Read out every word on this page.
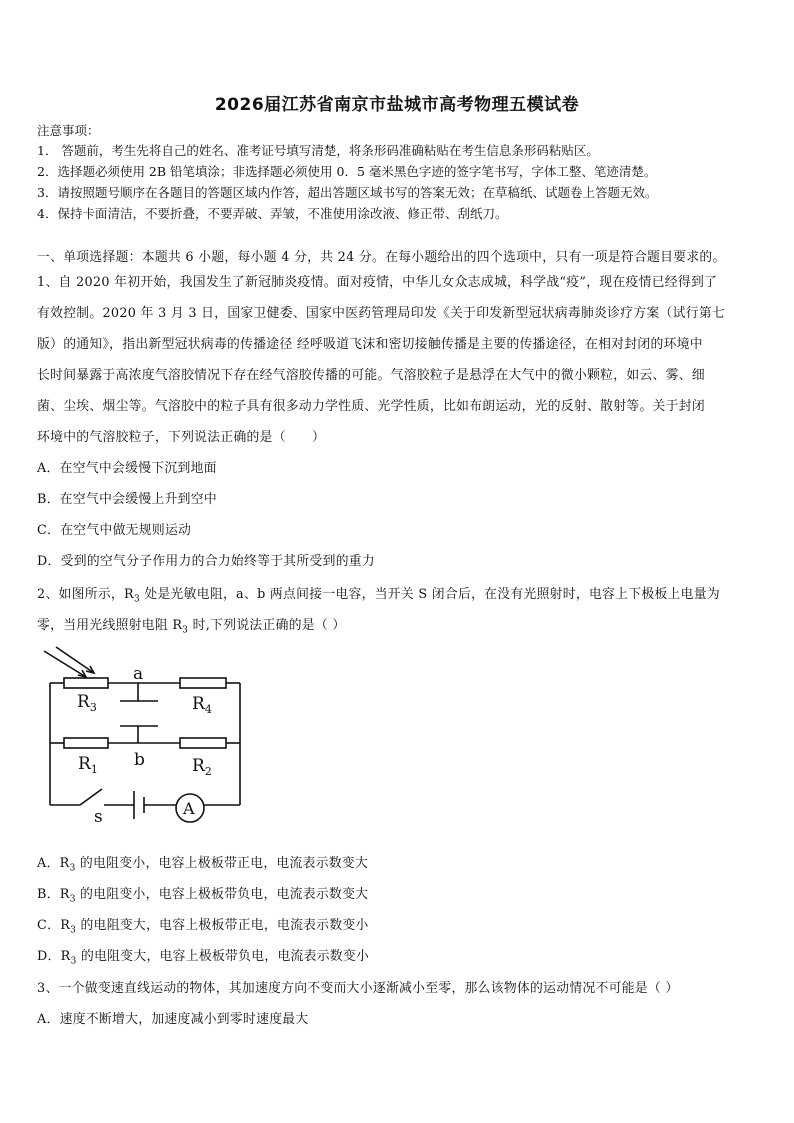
2026届江苏省南京市盐城市高考物理五模试卷
注意事项：
1． 答题前，考生先将自己的姓名、准考证号填写清楚，将条形码准确粘贴在考生信息条形码粘贴区。
2．选择题必须使用 2B 铅笔填涂；非选择题必须使用 0．5 毫米黑色字迹的签字笔书写，字体工整、笔迹清楚。
3．请按照题号顺序在各题目的答题区域内作答，超出答题区域书写的答案无效；在草稿纸、试题卷上答题无效。
4．保持卡面清洁，不要折叠，不要弄破、弄皱，不准使用涂改液、修正带、刮纸刀。
一、单项选择题：本题共 6 小题，每小题 4 分，共 24 分。在每小题给出的四个选项中，只有一项是符合题目要求的。
1、自 2020 年初开始，我国发生了新冠肺炎疫情。面对疫情，中华儿女众志成城，科学战“疫”，现在疫情已经得到了
有效控制。2020 年 3 月 3 日，国家卫健委、国家中医药管理局印发《关于印发新型冠状病毒肺炎诊疗方案（试行第七
版）的通知》，指出新型冠状病毒的传播途径 经呼吸道飞沫和密切接触传播是主要的传播途径，在相对封闭的环境中
长时间暴露于高浓度气溶胶情况下存在经气溶胶传播的可能。气溶胶粒子是悬浮在大气中的微小颗粒，如云、雾、细
菌、尘埃、烟尘等。气溶胶中的粒子具有很多动力学性质、光学性质，比如布朗运动，光的反射、散射等。关于封闭
环境中的气溶胶粒子，下列说法正确的是（　　）
A．在空气中会缓慢下沉到地面
B．在空气中会缓慢上升到空中
C．在空气中做无规则运动
D．受到的空气分子作用力的合力始终等于其所受到的重力
2、如图所示，$R_3$ 处是光敏电阻，a、b 两点间接一电容，当开关 S 闭合后，在没有光照射时，电容上下极板上电量为
零，当用光线照射电阻 $R_3$ 时,下列说法正确的是（ ）
$R_3$	$R_4$
$R_1$	$R_2$
a
b
s	A
A．$R_3$ 的电阻变小，电容上极板带正电，电流表示数变大
B．$R_3$ 的电阻变小，电容上极板带负电，电流表示数变大
C．$R_3$ 的电阻变大，电容上极板带正电，电流表示数变小
D．$R_3$ 的电阻变大，电容上极板带负电，电流表示数变小
3、一个做变速直线运动的物体，其加速度方向不变而大小逐渐减小至零，那么该物体的运动情况不可能是（ ）
A．速度不断增大，加速度减小到零时速度最大
